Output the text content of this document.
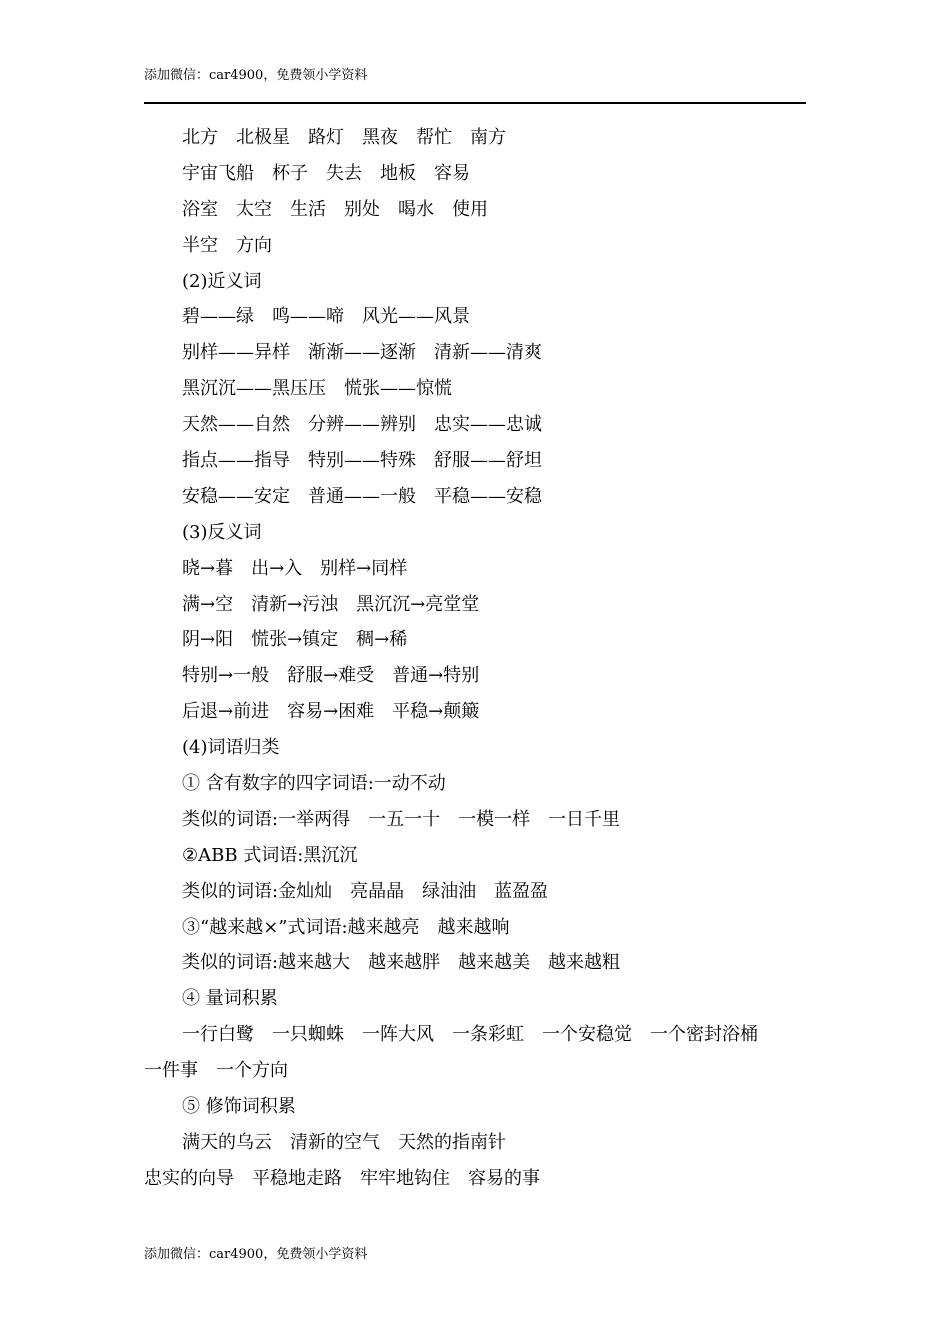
添加微信：car4900，免费领小学资料
北方　北极星　路灯　黑夜　帮忙　南方
宇宙飞船　杯子　失去　地板　容易
浴室　太空　生活　别处　喝水　使用
半空　方向
(2)近义词
碧——绿　鸣——啼　风光——风景
别样——异样　渐渐——逐渐　清新——清爽
黑沉沉——黑压压　慌张——惊慌
天然——自然　分辨——辨别　忠实——忠诚
指点——指导　特别——特殊　舒服——舒坦
安稳——安定　普通——一般　平稳——安稳
(3)反义词
晓→暮　出→入　别样→同样
满→空　清新→污浊　黑沉沉→亮堂堂
阴→阳　慌张→镇定　稠→稀
特别→一般　舒服→难受　普通→特别
后退→前进　容易→困难　平稳→颠簸
(4)词语归类
① 含有数字的四字词语:一动不动
类似的词语:一举两得　一五一十　一模一样　一日千里
②ABB 式词语:黑沉沉
类似的词语:金灿灿　亮晶晶　绿油油　蓝盈盈
③“越来越×”式词语:越来越亮　越来越响
类似的词语:越来越大　越来越胖　越来越美　越来越粗
④ 量词积累
一行白鹭　一只蜘蛛　一阵大风　一条彩虹　一个安稳觉　一个密封浴桶
一件事　一个方向
⑤ 修饰词积累
满天的乌云　清新的空气　天然的指南针
忠实的向导　平稳地走路　牢牢地钩住　容易的事
添加微信：car4900，免费领小学资料
